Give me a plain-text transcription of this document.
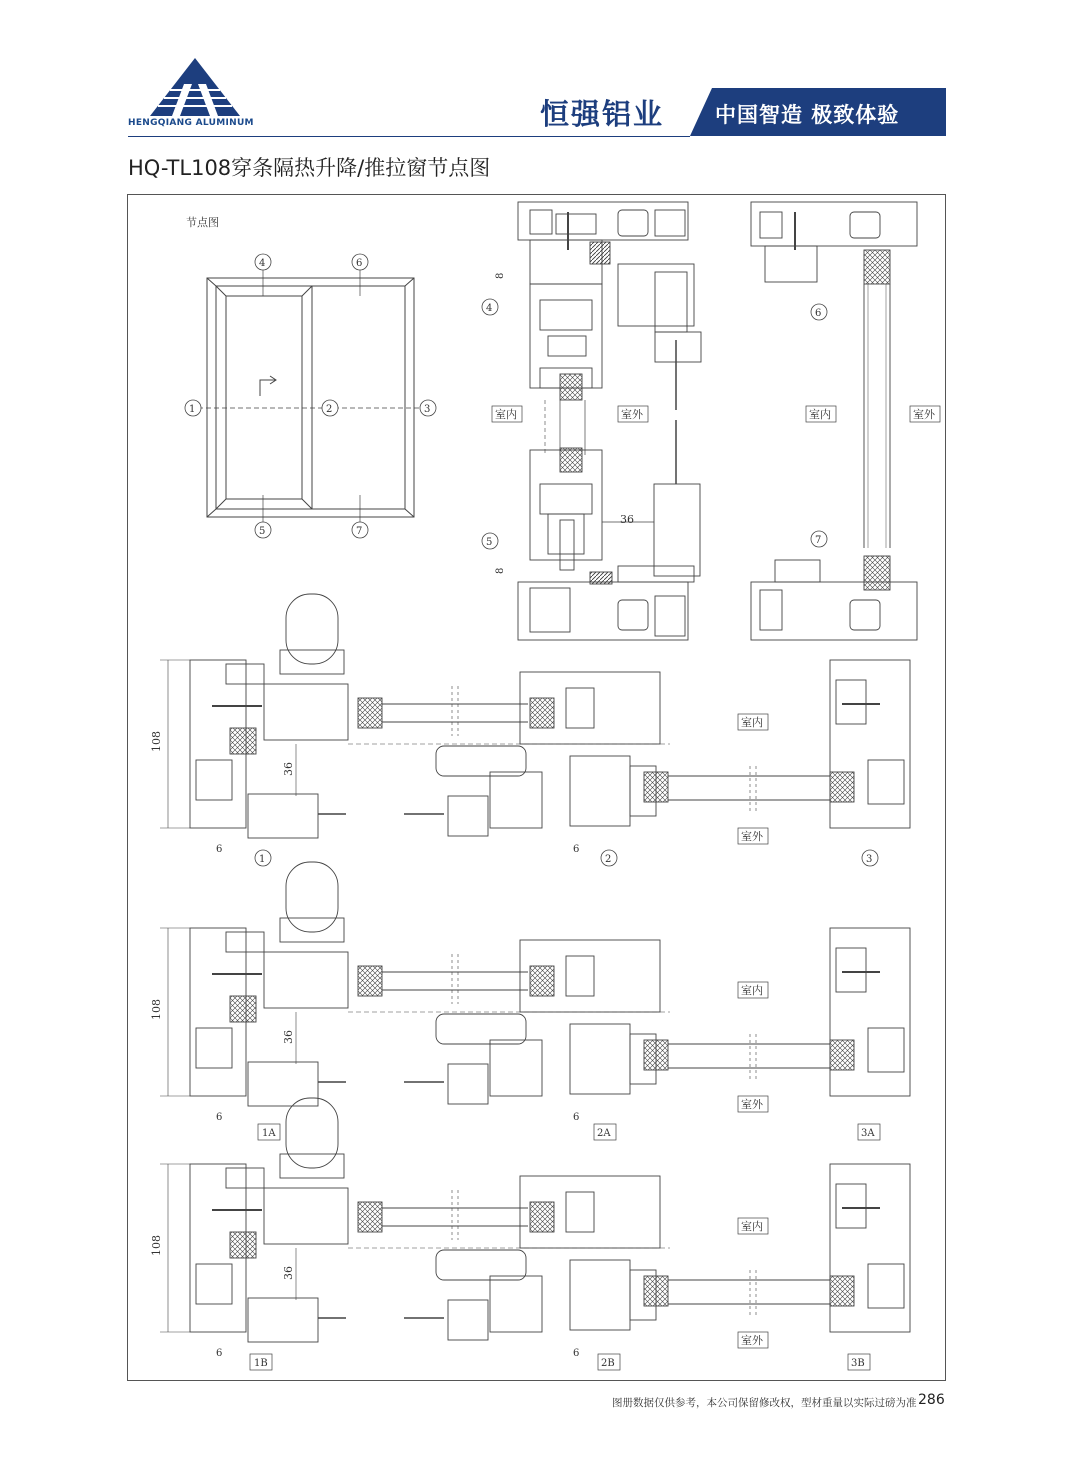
HENGQIANG ALUMINUM	恒强铝业 中国智造 极致体验
HQ-TL108穿条隔热升降/推拉窗节点图
节点图
4	6
1	2	3
5	7
36
8
8
4
5
室内	室外
6
7
室内	室外
108
36
6	6
室内
室外
1	2	3
108
36
6	6
室内
室外
1A	2A	3A
108
36
6	6
室内
室外
1B	2B	3B
图册数据仅供参考，本公司保留修改权，型材重量以实际过磅为准 286
